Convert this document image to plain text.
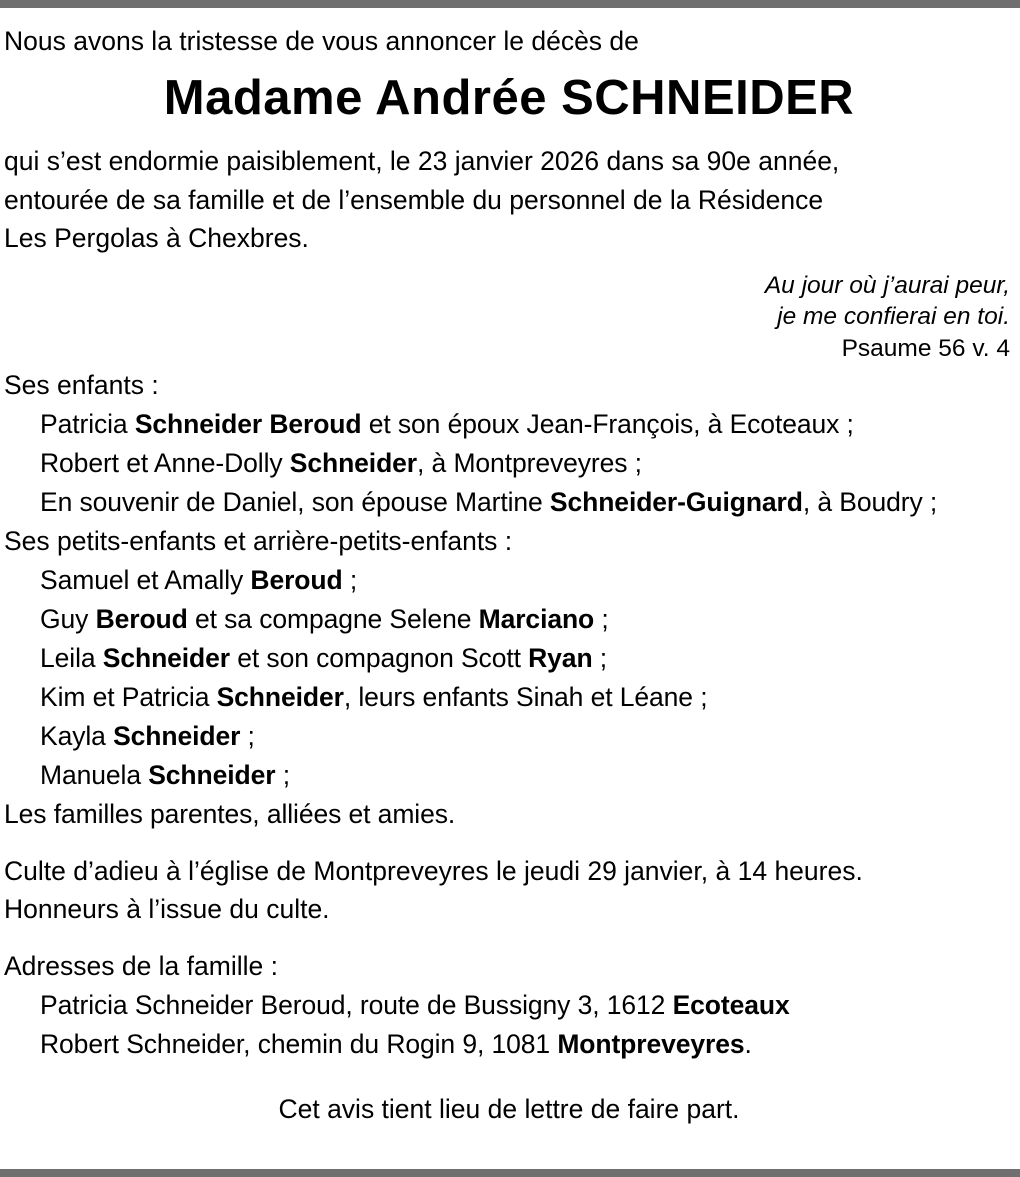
Nous avons la tristesse de vous annoncer le décès de
Madame Andrée SCHNEIDER
qui s’est endormie paisiblement, le 23 janvier 2026 dans sa 90e année,
entourée de sa famille et de l’ensemble du personnel de la Résidence
Les Pergolas à Chexbres.
Au jour où j’aurai peur,
je me confierai en toi.
Psaume 56 v. 4
Ses enfants :
Patricia Schneider Beroud et son époux Jean-François, à Ecoteaux ;
Robert et Anne-Dolly Schneider, à Montpreveyres ;
En souvenir de Daniel, son épouse Martine Schneider-Guignard, à Boudry ;
Ses petits-enfants et arrière-petits-enfants :
Samuel et Amally Beroud ;
Guy Beroud et sa compagne Selene Marciano ;
Leila Schneider et son compagnon Scott Ryan ;
Kim et Patricia Schneider, leurs enfants Sinah et Léane ;
Kayla Schneider ;
Manuela Schneider ;
Les familles parentes, alliées et amies.
Culte d’adieu à l’église de Montpreveyres le jeudi 29 janvier, à 14 heures.
Honneurs à l’issue du culte.
Adresses de la famille :
Patricia Schneider Beroud, route de Bussigny 3, 1612 Ecoteaux
Robert Schneider, chemin du Rogin 9, 1081 Montpreveyres.
Cet avis tient lieu de lettre de faire part.
